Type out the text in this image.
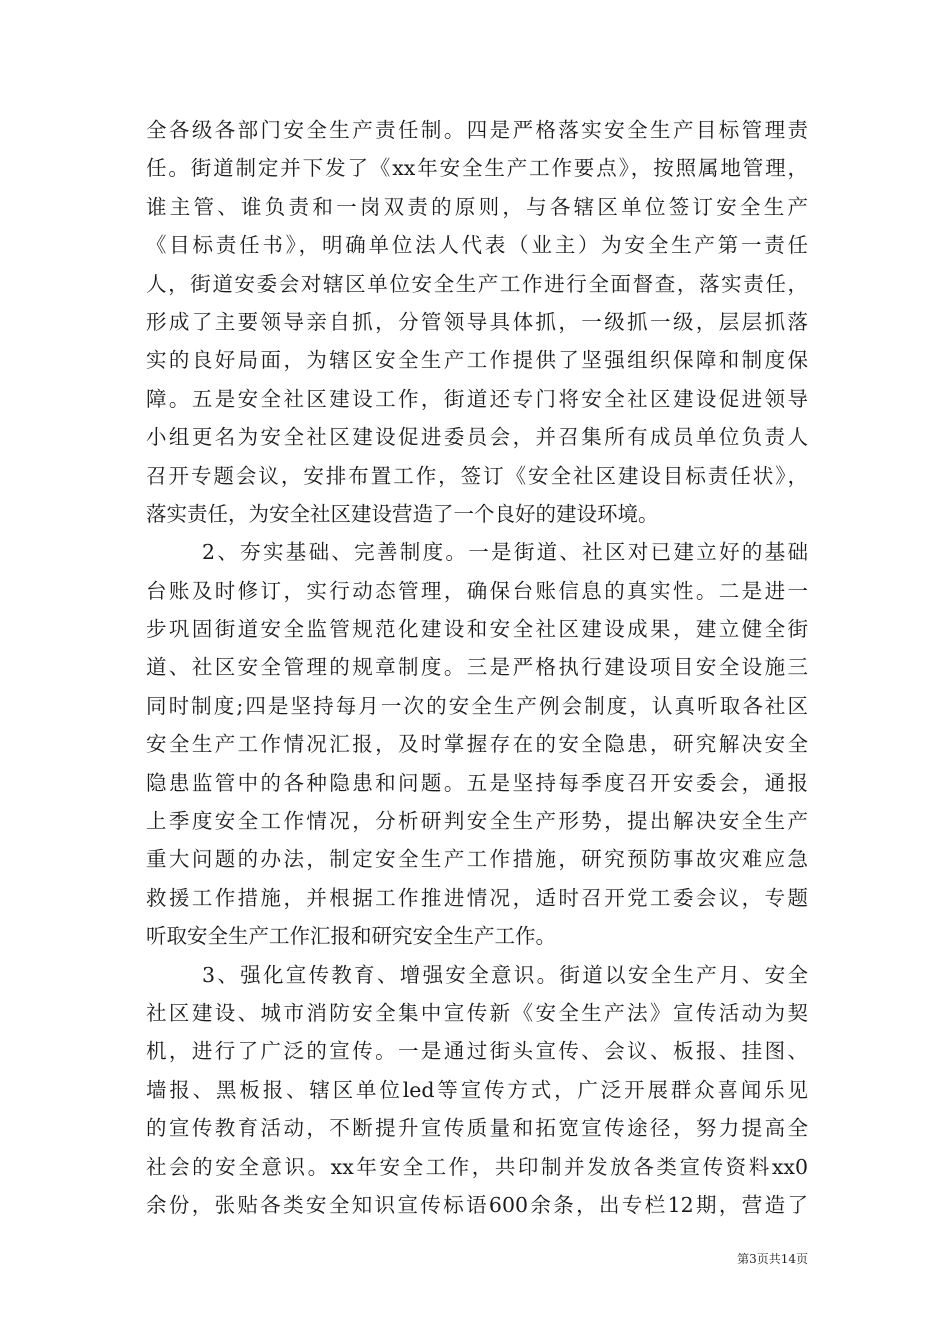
全各级各部门安全生产责任制。四是严格落实安全生产目标管理责
任。街道制定并下发了《xx年安全生产工作要点》，按照属地管理，
谁主管、谁负责和一岗双责的原则，与各辖区单位签订安全生产
《目标责任书》，明确单位法人代表（业主）为安全生产第一责任
人，街道安委会对辖区单位安全生产工作进行全面督查，落实责任，
形成了主要领导亲自抓，分管领导具体抓，一级抓一级，层层抓落
实的良好局面，为辖区安全生产工作提供了坚强组织保障和制度保
障。五是安全社区建设工作，街道还专门将安全社区建设促进领导
小组更名为安全社区建设促进委员会，并召集所有成员单位负责人
召开专题会议，安排布置工作，签订《安全社区建设目标责任状》，
落实责任，为安全社区建设营造了一个良好的建设环境。
2、夯实基础、完善制度。一是街道、社区对已建立好的基础
台账及时修订，实行动态管理，确保台账信息的真实性。二是进一
步巩固街道安全监管规范化建设和安全社区建设成果，建立健全街
道、社区安全管理的规章制度。三是严格执行建设项目安全设施三
同时制度;四是坚持每月一次的安全生产例会制度，认真听取各社区
安全生产工作情况汇报，及时掌握存在的安全隐患，研究解决安全
隐患监管中的各种隐患和问题。五是坚持每季度召开安委会，通报
上季度安全工作情况，分析研判安全生产形势，提出解决安全生产
重大问题的办法，制定安全生产工作措施，研究预防事故灾难应急
救援工作措施，并根据工作推进情况，适时召开党工委会议，专题
听取安全生产工作汇报和研究安全生产工作。
3、强化宣传教育、增强安全意识。街道以安全生产月、安全
社区建设、城市消防安全集中宣传新《安全生产法》宣传活动为契
机，进行了广泛的宣传。一是通过街头宣传、会议、板报、挂图、
墙报、黑板报、辖区单位led等宣传方式，广泛开展群众喜闻乐见
的宣传教育活动，不断提升宣传质量和拓宽宣传途径，努力提高全
社会的安全意识。xx年安全工作，共印制并发放各类宣传资料xx0
余份，张贴各类安全知识宣传标语600余条，出专栏12期，营造了
第3页共14页
